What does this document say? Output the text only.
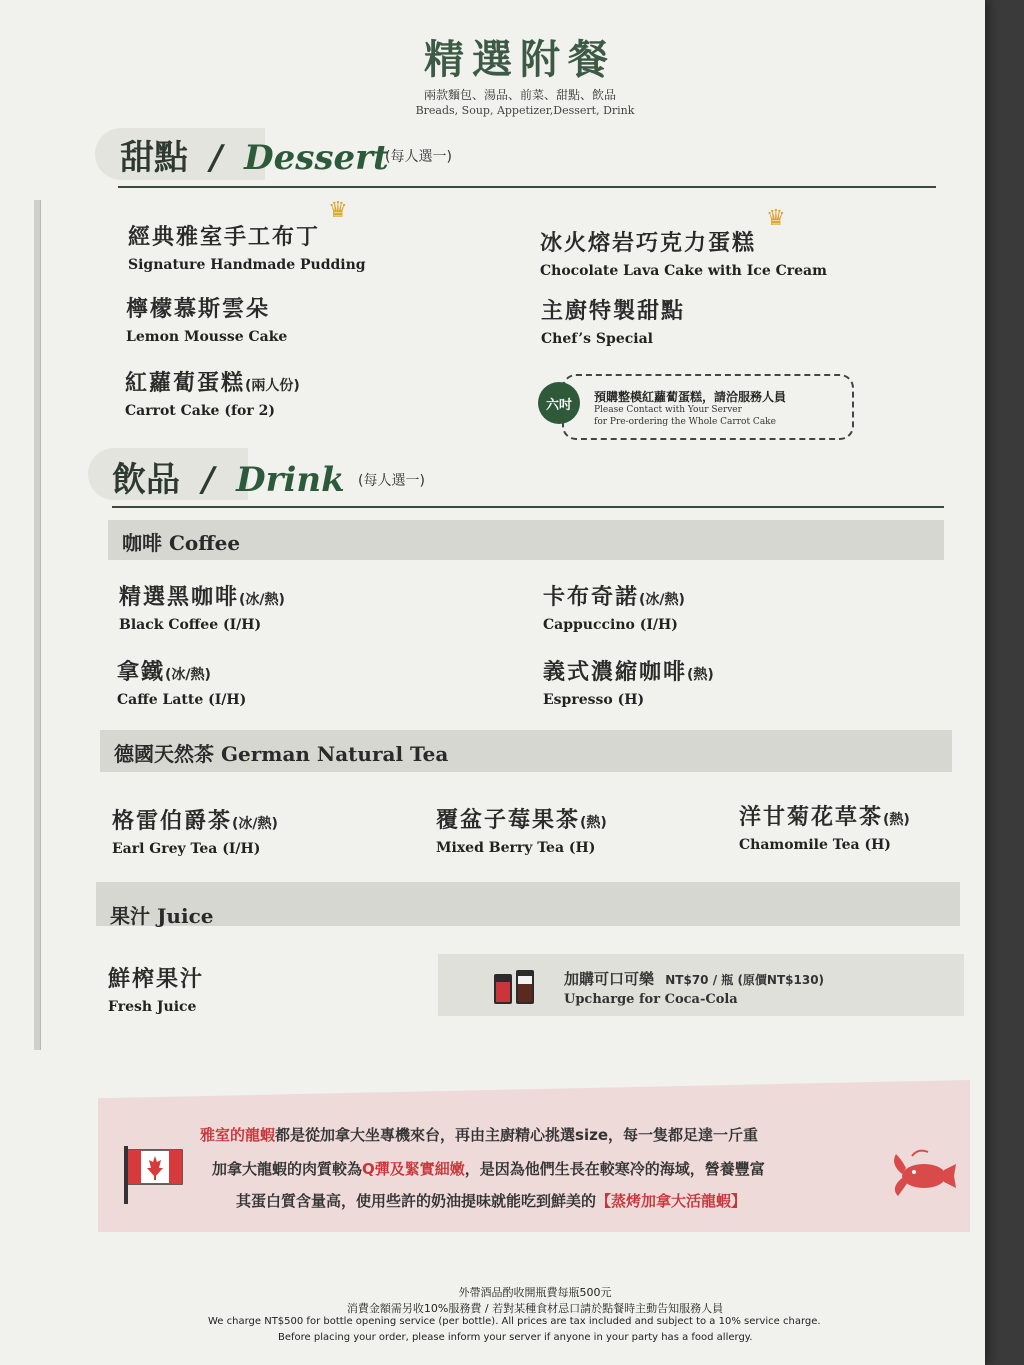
精選附餐
兩款麵包、湯品、前菜、甜點、飲品
Breads, Soup, Appetizer,Dessert, Drink
甜點 / Dessert
(每人選一)
經典雅室手工布丁
Signature Handmade Pudding
♛
冰火熔岩巧克力蛋糕
Chocolate Lava Cake with Ice Cream
♛
檸檬慕斯雲朵
Lemon Mousse Cake
主廚特製甜點
Chef’s Special
紅蘿蔔蛋糕(兩人份)
Carrot Cake (for 2)	六吋
預購整模紅蘿蔔蛋糕，請洽服務人員
Please Contact with Your Server
for Pre-ordering the Whole Carrot Cake
飲品 / Drink (每人選一)
咖啡 Coffee
精選黑咖啡(冰/熱)
Black Coffee (I/H)
卡布奇諾(冰/熱)
Cappuccino (I/H)
拿鐵(冰/熱)
Caffe Latte (I/H)
義式濃縮咖啡(熱)
Espresso (H)
德國天然茶 German Natural Tea
格雷伯爵茶(冰/熱)
Earl Grey Tea (I/H)
覆盆子莓果茶(熱)
Mixed Berry Tea (H)
洋甘菊花草茶(熱)
Chamomile Tea (H)
果汁 Juice
鮮榨果汁
Fresh Juice
加購可口可樂 NT$70 / 瓶 (原價NT$130)
Upcharge for Coca-Cola
雅室的龍蝦都是從加拿大坐專機來台，再由主廚精心挑選size，每一隻都足達一斤重
加拿大龍蝦的肉質較為Q彈及緊實細嫩，是因為他們生長在較寒冷的海域，營養豐富
其蛋白質含量高，使用些許的奶油提味就能吃到鮮美的【蒸烤加拿大活龍蝦】
外帶酒品酌收開瓶費每瓶500元
消費金額需另收10%服務費 / 若對某種食材忌口請於點餐時主動告知服務人員
We charge NT$500 for bottle opening service (per bottle). All prices are tax included and subject to a 10% service charge.
Before placing your order, please inform your server if anyone in your party has a food allergy.
